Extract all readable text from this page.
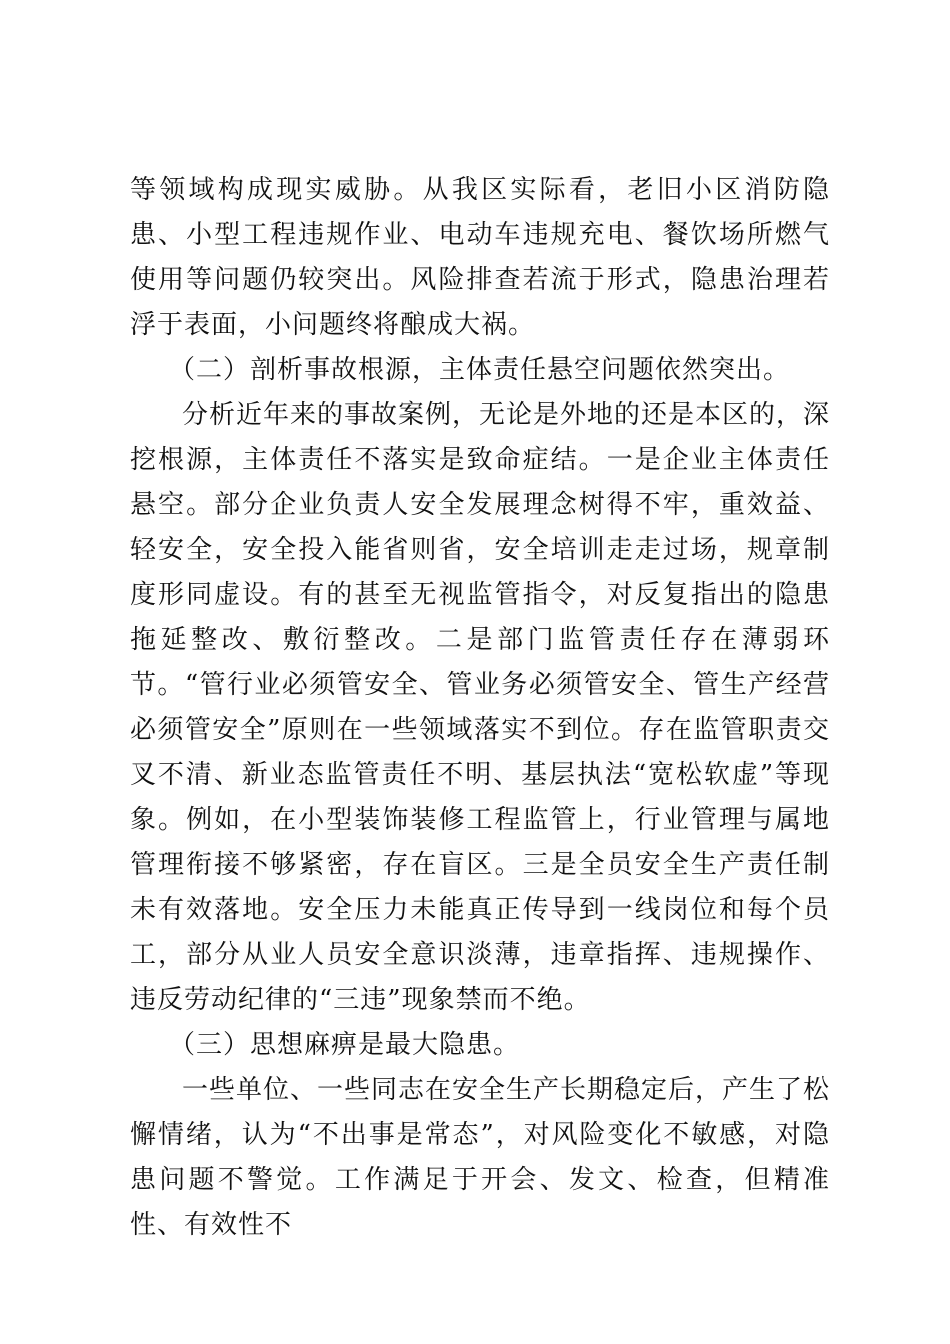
等领域构成现实威胁。从我区实际看，老旧小区消防隐患、小型工程违规作业、电动车违规充电、餐饮场所燃气使用等问题仍较突出。风险排查若流于形式，隐患治理若浮于表面，小问题终将酿成大祸。

（二）剖析事故根源，主体责任悬空问题依然突出。

分析近年来的事故案例，无论是外地的还是本区的，深挖根源，主体责任不落实是致命症结。一是企业主体责任悬空。部分企业负责人安全发展理念树得不牢，重效益、轻安全，安全投入能省则省，安全培训走走过场，规章制度形同虚设。有的甚至无视监管指令，对反复指出的隐患拖延整改、敷衍整改。二是部门监管责任存在薄弱环节。“管行业必须管安全、管业务必须管安全、管生产经营必须管安全”原则在一些领域落实不到位。存在监管职责交叉不清、新业态监管责任不明、基层执法“宽松软虚”等现象。例如，在小型装饰装修工程监管上，行业管理与属地管理衔接不够紧密，存在盲区。三是全员安全生产责任制未有效落地。安全压力未能真正传导到一线岗位和每个员工，部分从业人员安全意识淡薄，违章指挥、违规操作、违反劳动纪律的“三违”现象禁而不绝。

（三）思想麻痹是最大隐患。

一些单位、一些同志在安全生产长期稳定后，产生了松懈情绪，认为“不出事是常态”，对风险变化不敏感，对隐患问题不警觉。工作满足于开会、发文、检查，但精准性、有效性不
